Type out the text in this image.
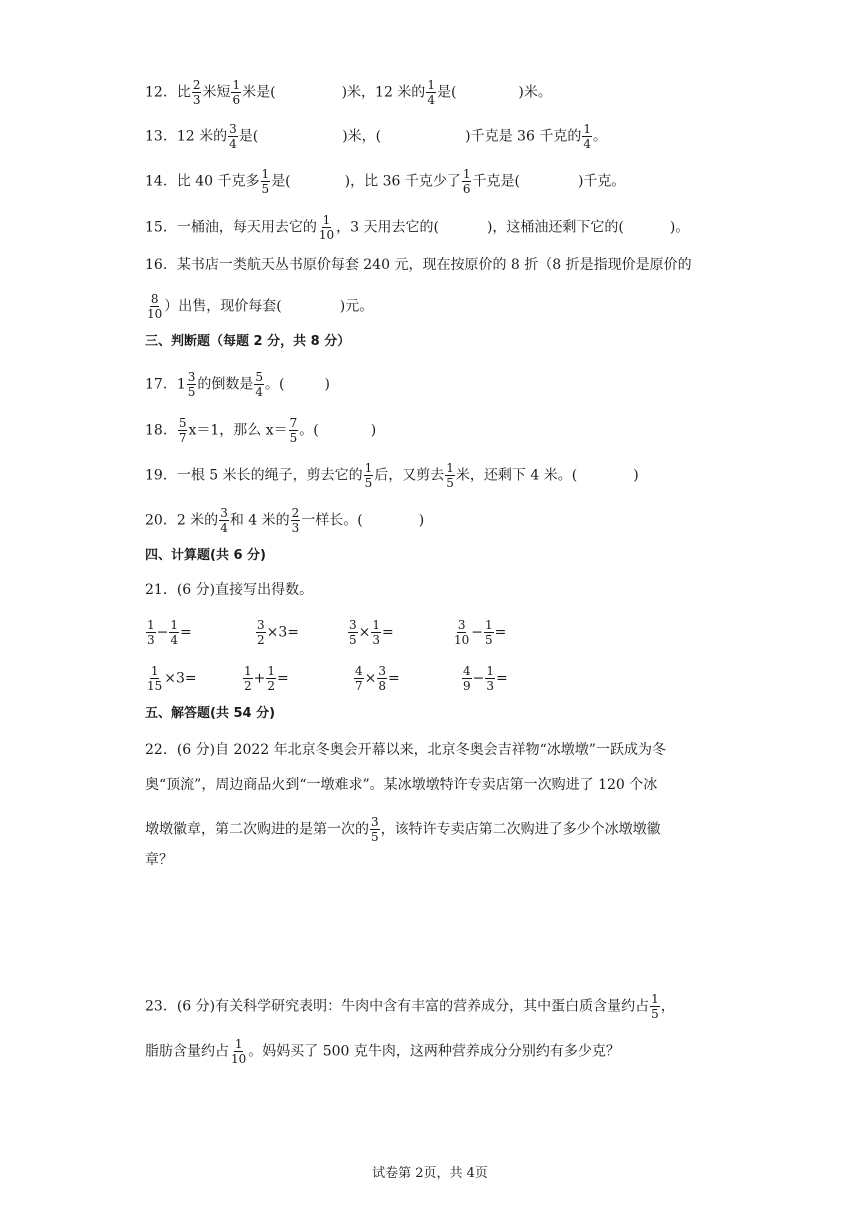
12．比 $\frac{2}{3}$ 米短 $\frac{1}{6}$ 米是(	)米，12 米的 $\frac{1}{4}$ 是(	)米。
13．12 米的 $\frac{3}{4}$ 是(	)米，(	)千克是 36 千克的 $\frac{1}{4}$ 。
14．比 40 千克多 $\frac{1}{5}$ 是(	)，比 36 千克少了 $\frac{1}{6}$ 千克是(	)千克。
15．一桶油，每天用去它的 $\frac{1}{10}$ ，3 天用去它的(	)，这桶油还剩下它的(	)。
16．某书店一类航天丛书原价每套 240 元，现在按原价的 8 折（8 折是指现价是原价的
$\frac{8}{10}$ ）出售，现价每套(	)元。
三、判断题（每题 2 分，共 8 分）
17．$1 \frac{3}{5}$ 的倒数是 $\frac{5}{4}$ 。(	)
18． $\frac{5}{7} x=1$，那么 $x= \frac{7}{5}$ 。(	)
19．一根 5 米长的绳子，剪去它的 $\frac{1}{5}$ 后，又剪去 $\frac{1}{5}$ 米，还剩下 4 米。(	)
20．2 米的 $\frac{3}{4}$ 和 4 米的 $\frac{2}{3}$ 一样长。(	)
四、计算题(共 6 分)
21．(6 分)直接写出得数。
$\frac{1}{3} - \frac{1}{4}$ =	$\frac{3}{2} \times 3=$	$\frac{3}{5} \times \frac{1}{3}$ =	$\frac{3}{10} - \frac{1}{5}$ =
$\frac{1}{15} \times 3=$	$\frac{1}{2} + \frac{1}{2}$ =	$\frac{4}{7} \times \frac{3}{8}$ =	$\frac{4}{9} - \frac{1}{3}$ =
五、解答题(共 54 分)
22．(6 分)自 2022 年北京冬奥会开幕以来，北京冬奥会吉祥物“冰墩墩”一跃成为冬
奥“顶流”，周边商品火到“一墩难求”。某冰墩墩特许专卖店第一次购进了 120 个冰
墩墩徽章，第二次购进的是第一次的 $\frac{3}{5}$ ，该特许专卖店第二次购进了多少个冰墩墩徽
章？
23．(6 分)有关科学研究表明：牛肉中含有丰富的营养成分，其中蛋白质含量约占 $\frac{1}{5}$ ，
脂肪含量约占 $\frac{1}{10}$ 。妈妈买了 500 克牛肉，这两种营养成分分别约有多少克？
试卷第 2页，共 4页
